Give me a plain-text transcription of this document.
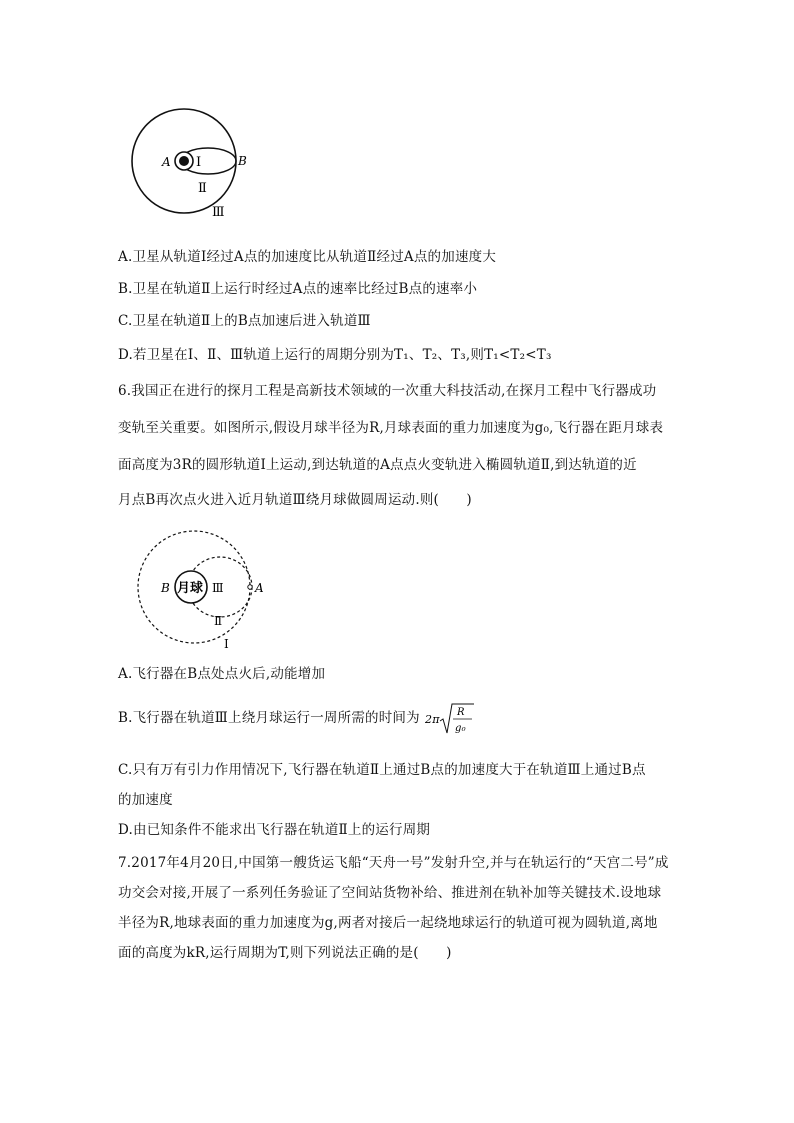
A Ⅰ	B
Ⅱ
Ⅲ
A.卫星从轨道Ⅰ经过A点的加速度比从轨道Ⅱ经过A点的加速度大
B.卫星在轨道Ⅱ上运行时经过A点的速率比经过B点的速率小
C.卫星在轨道Ⅱ上的B点加速后进入轨道Ⅲ
D.若卫星在Ⅰ、Ⅱ、Ⅲ轨道上运行的周期分别为T₁、T₂、T₃,则T₁<T₂<T₃
6.我国正在进行的探月工程是高新技术领域的一次重大科技活动,在探月工程中飞行器成功
变轨至关重要。如图所示,假设月球半径为R,月球表面的重力加速度为g₀,飞行器在距月球表
面高度为3R的圆形轨道Ⅰ上运动,到达轨道的A点点火变轨进入椭圆轨道Ⅱ,到达轨道的近
月点B再次点火进入近月轨道Ⅲ绕月球做圆周运动.则(　　)
月球
B	Ⅲ	A
Ⅱ
Ⅰ
A.飞行器在B点处点火后,动能增加
B.飞行器在轨道Ⅲ上绕月球运行一周所需的时间为 2π
R
g₀
C.只有万有引力作用情况下,飞行器在轨道Ⅱ上通过B点的加速度大于在轨道Ⅲ上通过B点
的加速度
D.由已知条件不能求出飞行器在轨道Ⅱ上的运行周期
7.2017年4月20日,中国第一艘货运飞船“天舟一号”发射升空,并与在轨运行的“天宫二号”成
功交会对接,开展了一系列任务验证了空间站货物补给、推进剂在轨补加等关键技术.设地球
半径为R,地球表面的重力加速度为g,两者对接后一起绕地球运行的轨道可视为圆轨道,离地
面的高度为kR,运行周期为T,则下列说法正确的是(　　)
